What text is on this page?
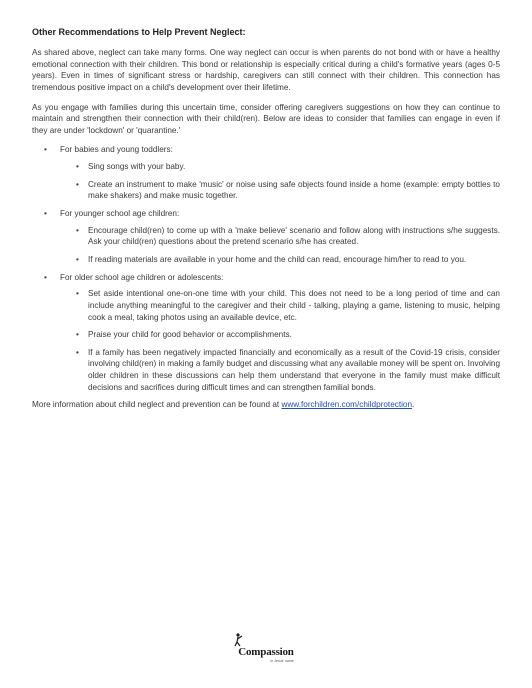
Other Recommendations to Help Prevent Neglect:

As shared above, neglect can take many forms. One way neglect can occur is when parents do not bond with or have a healthy emotional connection with their children. This bond or relationship is especially critical during a child's formative years (ages 0-5 years). Even in times of significant stress or hardship, caregivers can still connect with their children. This connection has tremendous positive impact on a child's development over their lifetime.

As you engage with families during this uncertain time, consider offering caregivers suggestions on how they can continue to maintain and strengthen their connection with their child(ren). Below are ideas to consider that families can engage in even if they are under 'lockdown' or 'quarantine.'

• For babies and young toddlers:
• Sing songs with your baby.
• Create an instrument to make 'music' or noise using safe objects found inside a home (example: empty bottles to make shakers) and make music together.
• For younger school age children:
• Encourage child(ren) to come up with a 'make believe' scenario and follow along with instructions s/he suggests. Ask your child(ren) questions about the pretend scenario s/he has created.
• If reading materials are available in your home and the child can read, encourage him/her to read to you.
• For older school age children or adolescents:
• Set aside intentional one-on-one time with your child. This does not need to be a long period of time and can include anything meaningful to the caregiver and their child - talking, playing a game, listening to music, helping cook a meal, taking photos using an available device, etc.
• Praise your child for good behavior or accomplishments.
• If a family has been negatively impacted financially and economically as a result of the Covid-19 crisis, consider involving child(ren) in making a family budget and discussing what any available money will be spent on. Involving older children in these discussions can help them understand that everyone in the family must make difficult decisions and sacrifices during difficult times and can strengthen familial bonds.
More information about child neglect and prevention can be found at www.forchildren.com/childprotection.
Compassion
in Jesus' name
